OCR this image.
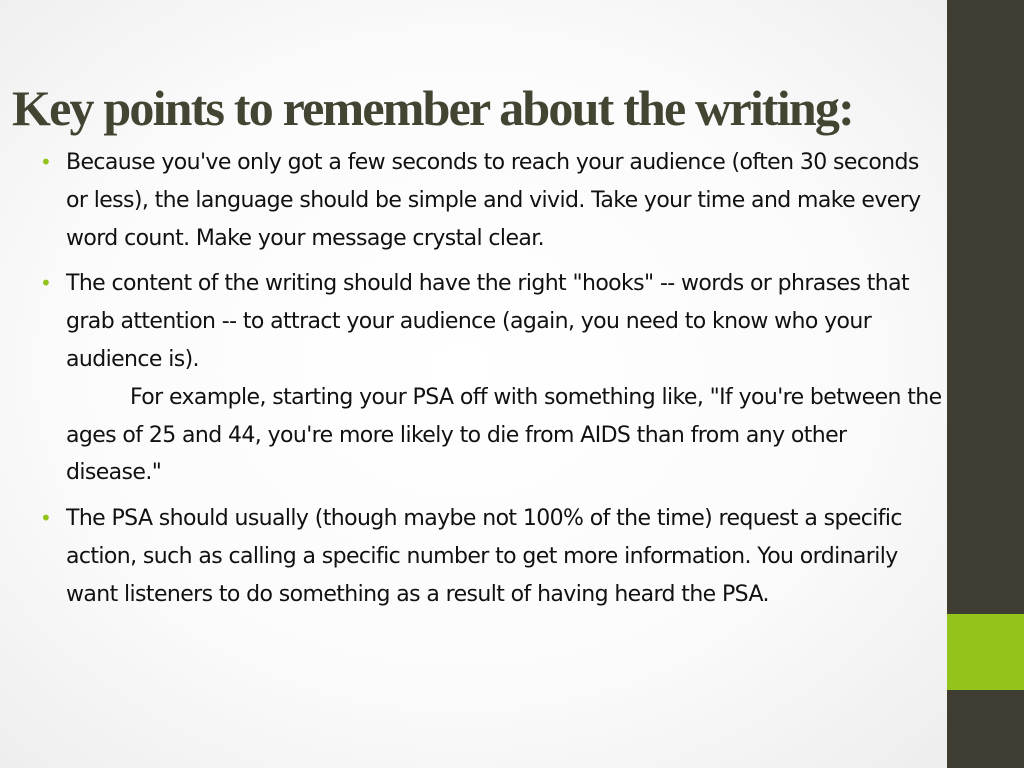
Key points to remember about the writing:
• Because you've only got a few seconds to reach your audience (often 30 seconds or less), the language should be simple and vivid. Take your time and make every word count. Make your message crystal clear.
• The content of the writing should have the right "hooks" -- words or phrases that grab attention -- to attract your audience (again, you need to know who your audience is).
For example, starting your PSA off with something like, "If you're between the ages of 25 and 44, you're more likely to die from AIDS than from any other disease."
• The PSA should usually (though maybe not 100% of the time) request a specific action, such as calling a specific number to get more information. You ordinarily want listeners to do something as a result of having heard the PSA.
